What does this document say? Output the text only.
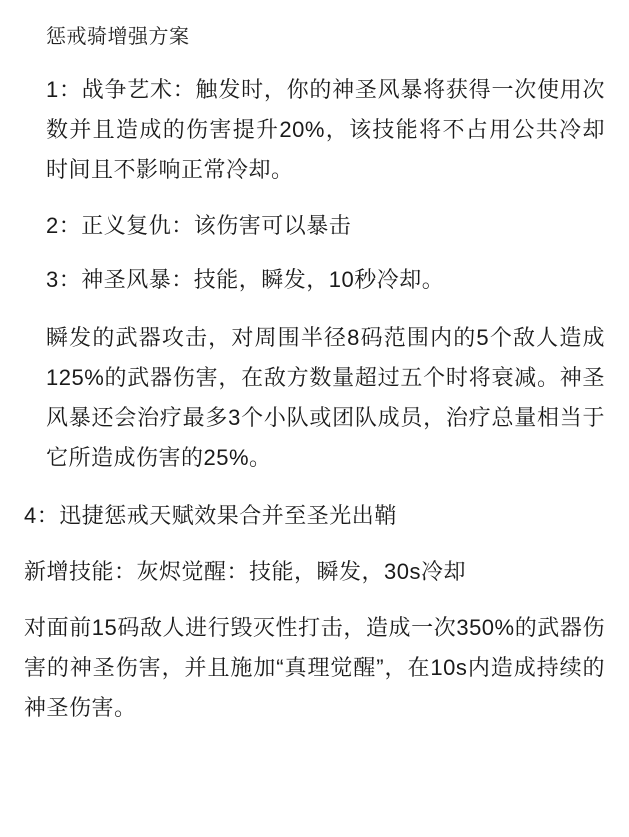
惩戒骑增强方案
1：战争艺术：触发时，你的神圣风暴将获得一次使用次数并且造成的伤害提升20%，该技能将不占用公共冷却时间且不影响正常冷却。
2：正义复仇：该伤害可以暴击
3：神圣风暴：技能，瞬发，10秒冷却。
瞬发的武器攻击，对周围半径8码范围内的5个敌人造成125%的武器伤害，在敌方数量超过五个时将衰减。神圣风暴还会治疗最多3个小队或团队成员，治疗总量相当于它所造成伤害的25%。
4：迅捷惩戒天赋效果合并至圣光出鞘
新增技能：灰烬觉醒：技能，瞬发，30s冷却
对面前15码敌人进行毁灭性打击，造成一次350%的武器伤害的神圣伤害，并且施加“真理觉醒”，在10s内造成持续的神圣伤害。
